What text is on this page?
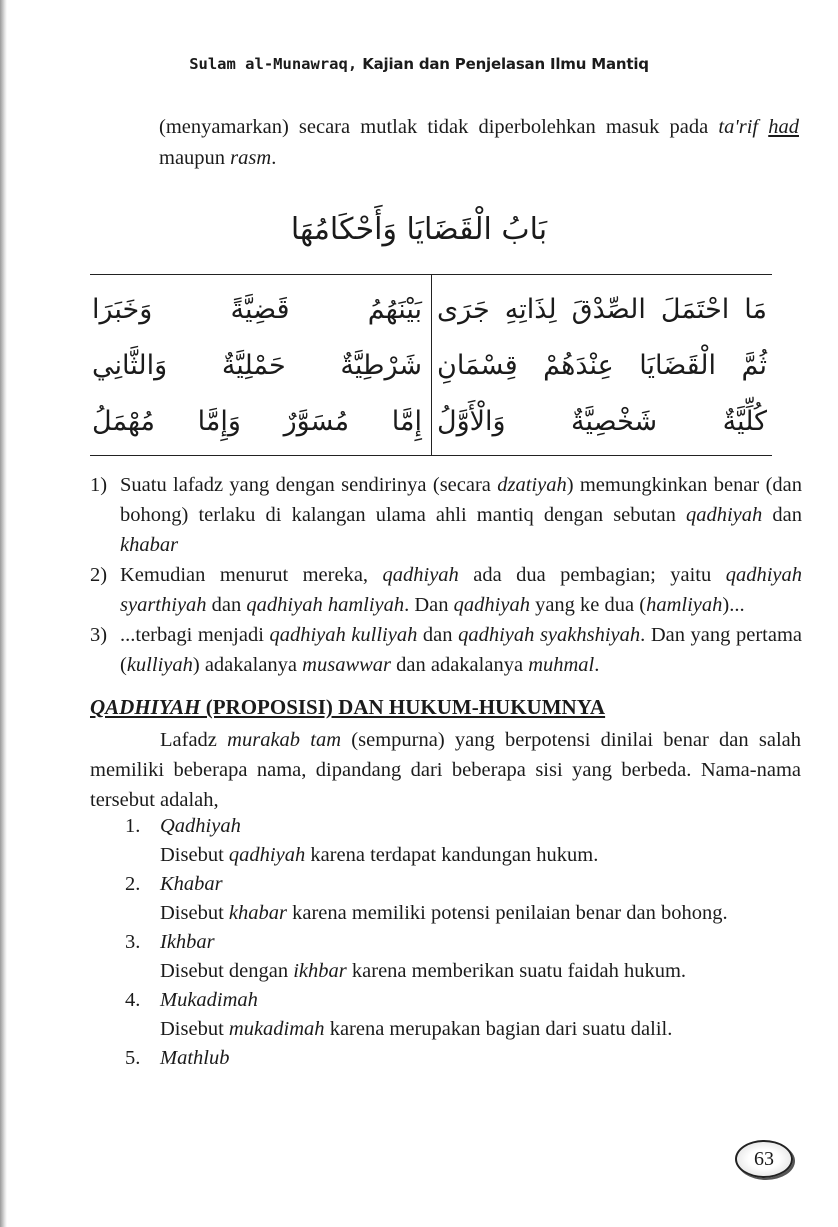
Sulam al-Munawraq, Kajian dan Penjelasan Ilmu Mantiq
(menyamarkan) secara mutlak tidak diperbolehkan masuk pada ta'rif had maupun rasm.
بَابُ الْقَضَايَا وَأَحْكَامُهَا
مَا احْتَمَلَ الصِّدْقَ لِذَاتِهِ جَرَى
بَيْنَهُمُ قَضِيَّةً وَخَبَرَا
ثُمَّ الْقَضَايَا عِنْدَهُمْ قِسْمَانِ
شَرْطِيَّةٌ حَمْلِيَّةٌ وَالثَّانِي
كُلِّيَّةٌ شَخْصِيَّةٌ وَالْأَوَّلُ
إِمَّا مُسَوَّرٌ وَإِمَّا مُهْمَلُ
1) Suatu lafadz yang dengan sendirinya (secara dzatiyah) memungkinkan benar (dan bohong) terlaku di kalangan ulama ahli mantiq dengan sebutan qadhiyah dan khabar
2) Kemudian menurut mereka, qadhiyah ada dua pembagian; yaitu qadhiyah syarthiyah dan qadhiyah hamliyah. Dan qadhiyah yang ke dua (hamliyah)...
3) ...terbagi menjadi qadhiyah kulliyah dan qadhiyah syakhshiyah. Dan yang pertama (kulliyah) adakalanya musawwar dan adakalanya muhmal.
QADHIYAH (PROPOSISI) DAN HUKUM-HUKUMNYA
Lafadz murakab tam (sempurna) yang berpotensi dinilai benar dan salah memiliki beberapa nama, dipandang dari beberapa sisi yang berbeda. Nama-nama tersebut adalah,
1. Qadhiyah
Disebut qadhiyah karena terdapat kandungan hukum.
2. Khabar
Disebut khabar karena memiliki potensi penilaian benar dan bohong.
3. Ikhbar
Disebut dengan ikhbar karena memberikan suatu faidah hukum.
4. Mukadimah
Disebut mukadimah karena merupakan bagian dari suatu dalil.
5. Mathlub
63
